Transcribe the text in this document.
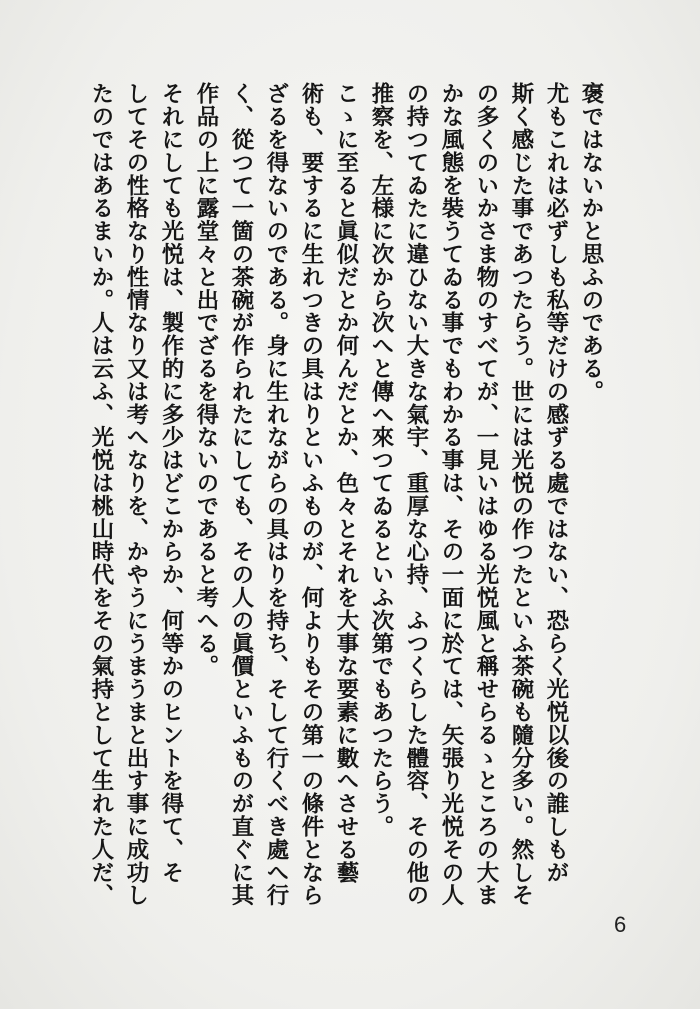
褒ではないかと思ふのである。
尤もこれは必ずしも私等だけの感ずる處ではない、恐らく光悦以後の誰しもが
斯く感じた事であつたらう。世には光悦の作つたといふ茶碗も隨分多い。然しそ
の多くのいかさま物のすべてが、一見いはゆる光悦風と稱せらるゝところの大ま
かな風態を裝うてゐる事でもわかる事は、その一面に於ては、矢張り光悦その人
の持つてゐたに違ひない大きな氣宇、重厚な心持、ふつくらした體容、その他の
推察を、左様に次から次へと傳へ來つてゐるといふ次第でもあつたらう。
こゝに至ると眞似だとか何んだとか、色々とそれを大事な要素に數へさせる藝
術も、要するに生れつきの具はりといふものが、何よりもその第一の條件となら
ざるを得ないのである。身に生れながらの具はりを持ち、そして行くべき處へ行
く、從つて一箇の茶碗が作られたにしても、その人の眞價といふものが直ぐに其
作品の上に露堂々と出でざるを得ないのであると考へる。
それにしても光悦は、製作的に多少はどこからか、何等かのヒントを得て、そ
してその性格なり性情なり又は考へなりを、かやうにうまうまと出す事に成功し
たのではあるまいか。人は云ふ、光悦は桃山時代をその氣持として生れた人だ、
6
